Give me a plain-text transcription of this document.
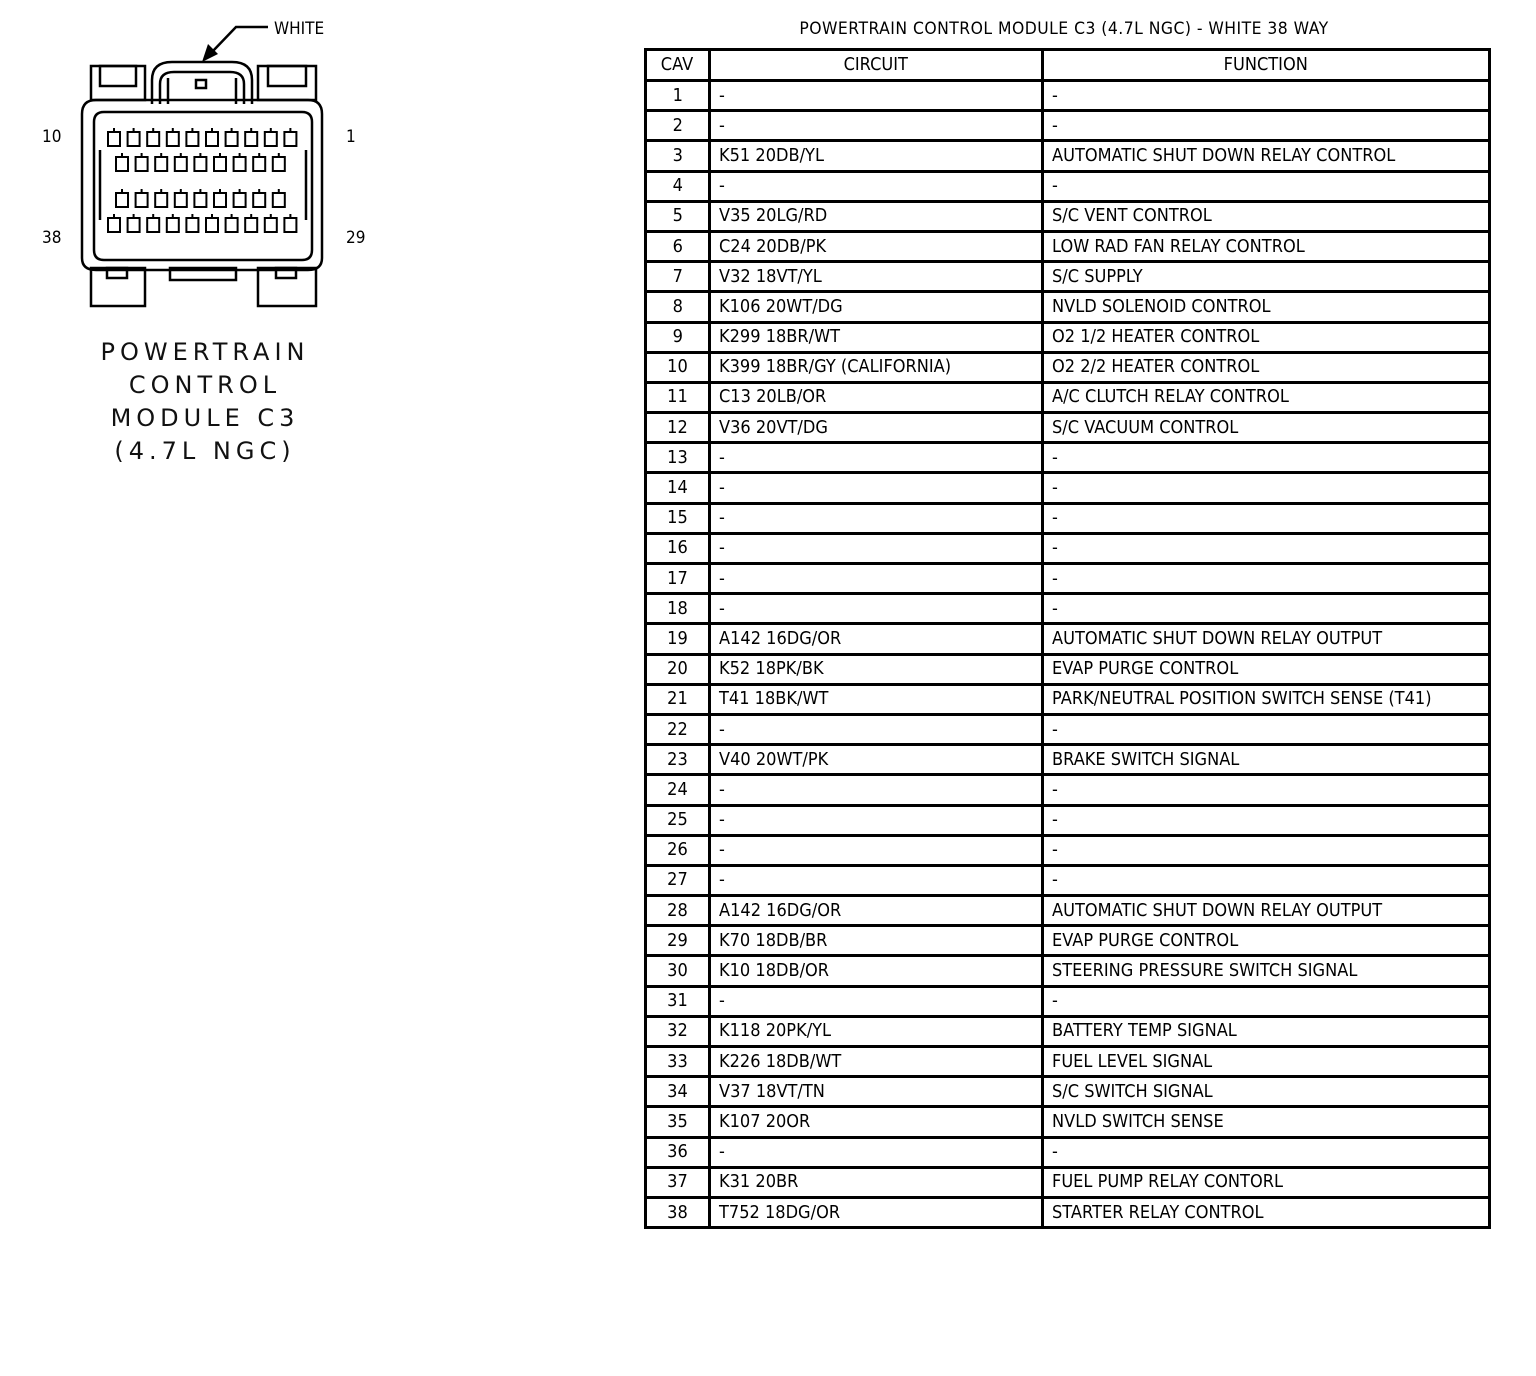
WHITE
10	1
38	29
POWERTRAIN
CONTROL
MODULE C3
(4.7L NGC)
POWERTRAIN CONTROL MODULE C3 (4.7L NGC) - WHITE 38 WAY
CAV	CIRCUIT	FUNCTION
1	-	-
2	-	-
3	K51 20DB/YL	AUTOMATIC SHUT DOWN RELAY CONTROL
4	-	-
5	V35 20LG/RD	S/C VENT CONTROL
6	C24 20DB/PK	LOW RAD FAN RELAY CONTROL
7	V32 18VT/YL	S/C SUPPLY
8	K106 20WT/DG	NVLD SOLENOID CONTROL
9	K299 18BR/WT	O2 1/2 HEATER CONTROL
10	K399 18BR/GY (CALIFORNIA)	O2 2/2 HEATER CONTROL
11	C13 20LB/OR	A/C CLUTCH RELAY CONTROL
12	V36 20VT/DG	S/C VACUUM CONTROL
13	-	-
14	-	-
15	-	-
16	-	-
17	-	-
18	-	-
19	A142 16DG/OR	AUTOMATIC SHUT DOWN RELAY OUTPUT
20	K52 18PK/BK	EVAP PURGE CONTROL
21	T41 18BK/WT	PARK/NEUTRAL POSITION SWITCH SENSE (T41)
22	-	-
23	V40 20WT/PK	BRAKE SWITCH SIGNAL
24	-	-
25	-	-
26	-	-
27	-	-
28	A142 16DG/OR	AUTOMATIC SHUT DOWN RELAY OUTPUT
29	K70 18DB/BR	EVAP PURGE CONTROL
30	K10 18DB/OR	STEERING PRESSURE SWITCH SIGNAL
31	-	-
32	K118 20PK/YL	BATTERY TEMP SIGNAL
33	K226 18DB/WT	FUEL LEVEL SIGNAL
34	V37 18VT/TN	S/C SWITCH SIGNAL
35	K107 20OR	NVLD SWITCH SENSE
36	-	-
37	K31 20BR	FUEL PUMP RELAY CONTORL
38	T752 18DG/OR	STARTER RELAY CONTROL
